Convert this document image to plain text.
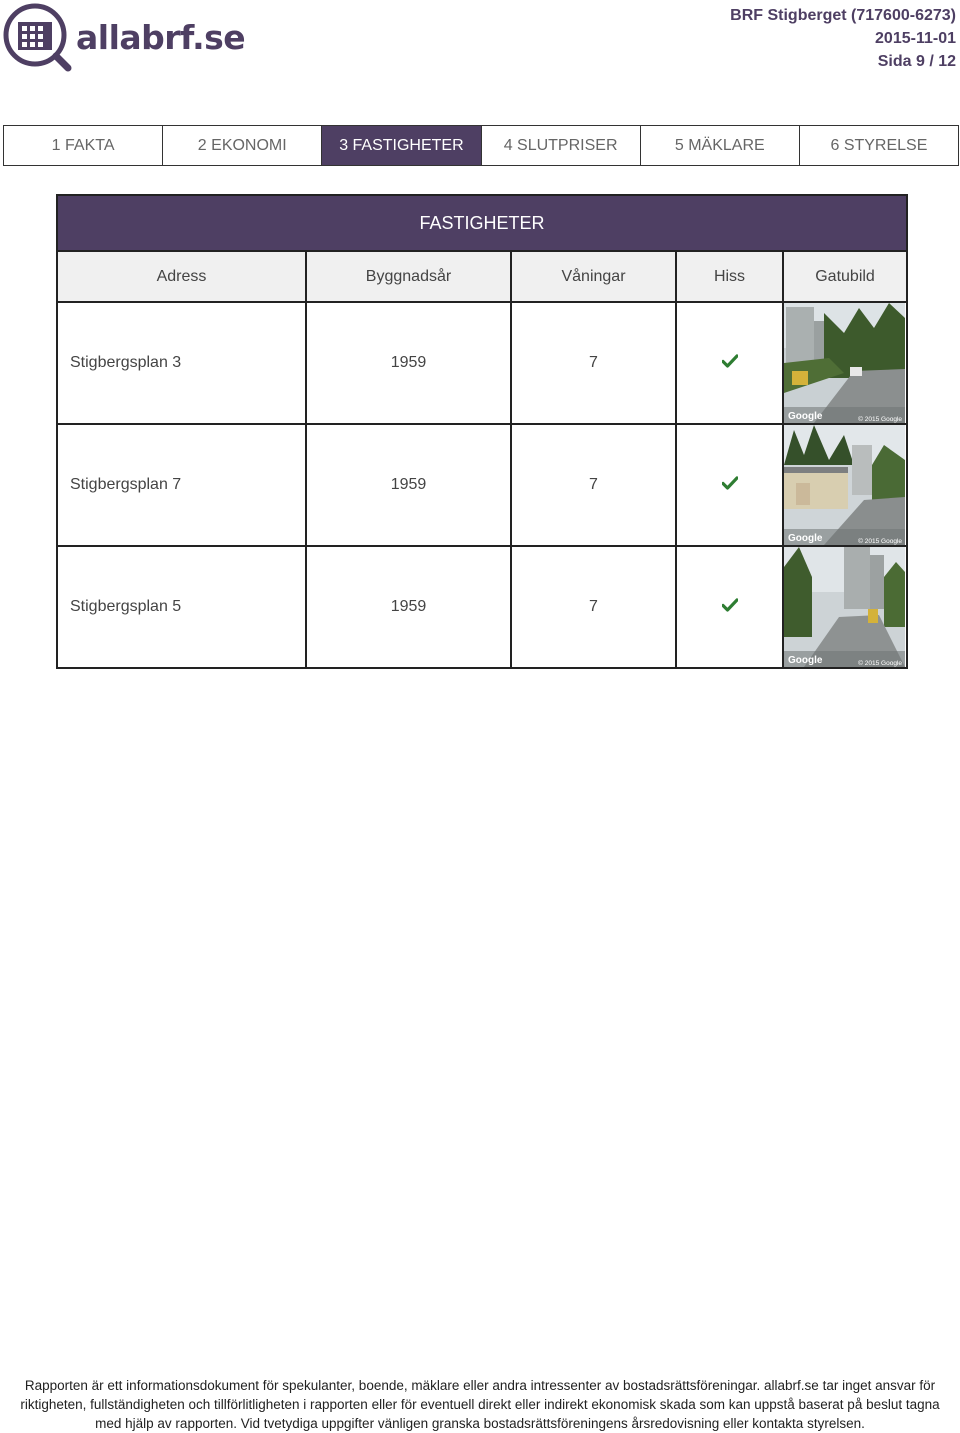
allabrf.se
BRF Stigberget (717600-6273)
2015-11-01
Sida 9 / 12
1 FAKTA	2 EKONOMI	3 FASTIGHETER	4 SLUTPRISER	5 MÄKLARE	6 STYRELSE
FASTIGHETER				
Adress	Byggnadsår	Våningar	Hiss	Gatubild
Stigbergsplan 3	1959	7		Google © 2015 Google

Stigbergsplan 7	1959	7		Google © 2015 Google

Stigbergsplan 5	1959	7		Google © 2015 Google
Rapporten är ett informationsdokument för spekulanter, boende, mäklare eller andra intressenter av bostadsrättsföreningar. allabrf.se tar inget ansvar för
riktigheten, fullständigheten och tillförlitligheten i rapporten eller för eventuell direkt eller indirekt ekonomisk skada som kan uppstå baserat på beslut tagna
med hjälp av rapporten. Vid tvetydiga uppgifter vänligen granska bostadsrättsföreningens årsredovisning eller kontakta styrelsen.
